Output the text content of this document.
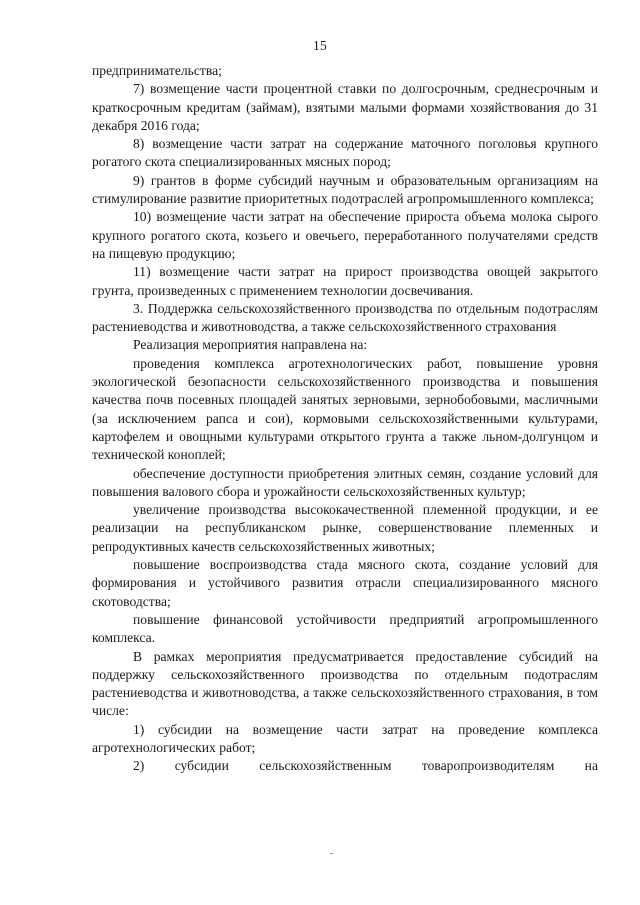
15

предпринимательства;

7) возмещение части процентной ставки по долгосрочным, среднесрочным и краткосрочным кредитам (займам), взятыми малыми формами хозяйствования до 31 декабря 2016 года;

8) возмещение части затрат на содержание маточного поголовья крупного рогатого скота специализированных мясных пород;

9) грантов в форме субсидий научным и образовательным организациям на стимулирование развитие приоритетных подотраслей агропромышленного комплекса;

10) возмещение части затрат на обеспечение прироста объема молока сырого крупного рогатого скота, козьего и овечьего, переработанного получателями средств на пищевую продукцию;

11) возмещение части затрат на прирост производства овощей закрытого грунта, произведенных с применением технологии досвечивания.

3. Поддержка сельскохозяйственного производства по отдельным подотраслям растениеводства и животноводства, а также сельскохозяйственного страхования

Реализация мероприятия направлена на:

проведения комплекса агротехнологических работ, повышение уровня экологической безопасности сельскохозяйственного производства и повышения качества почв посевных площадей занятых зерновыми, зернобобовыми, масличными (за исключением рапса и сои), кормовыми сельскохозяйственными культурами, картофелем и овощными культурами открытого грунта а также льном-долгунцом и технической коноплей;

обеспечение доступности приобретения элитных семян, создание условий для повышения валового сбора и урожайности сельскохозяйственных культур;

увеличение производства высококачественной племенной продукции, и ее реализации на республиканском рынке, совершенствование племенных и репродуктивных качеств сельскохозяйственных животных;

повышение воспроизводства стада мясного скота, создание условий для формирования и устойчивого развития отрасли специализированного мясного скотоводства;

повышение финансовой устойчивости предприятий агропромышленного комплекса.

В рамках мероприятия предусматривается предоставление субсидий на поддержку сельскохозяйственного производства по отдельным подотраслям растениеводства и животноводства, а также сельскохозяйственного страхования, в том числе:

1) субсидии на возмещение части затрат на проведение комплекса агротехнологических работ;

2) субсидии сельскохозяйственным товаропроизводителям на
